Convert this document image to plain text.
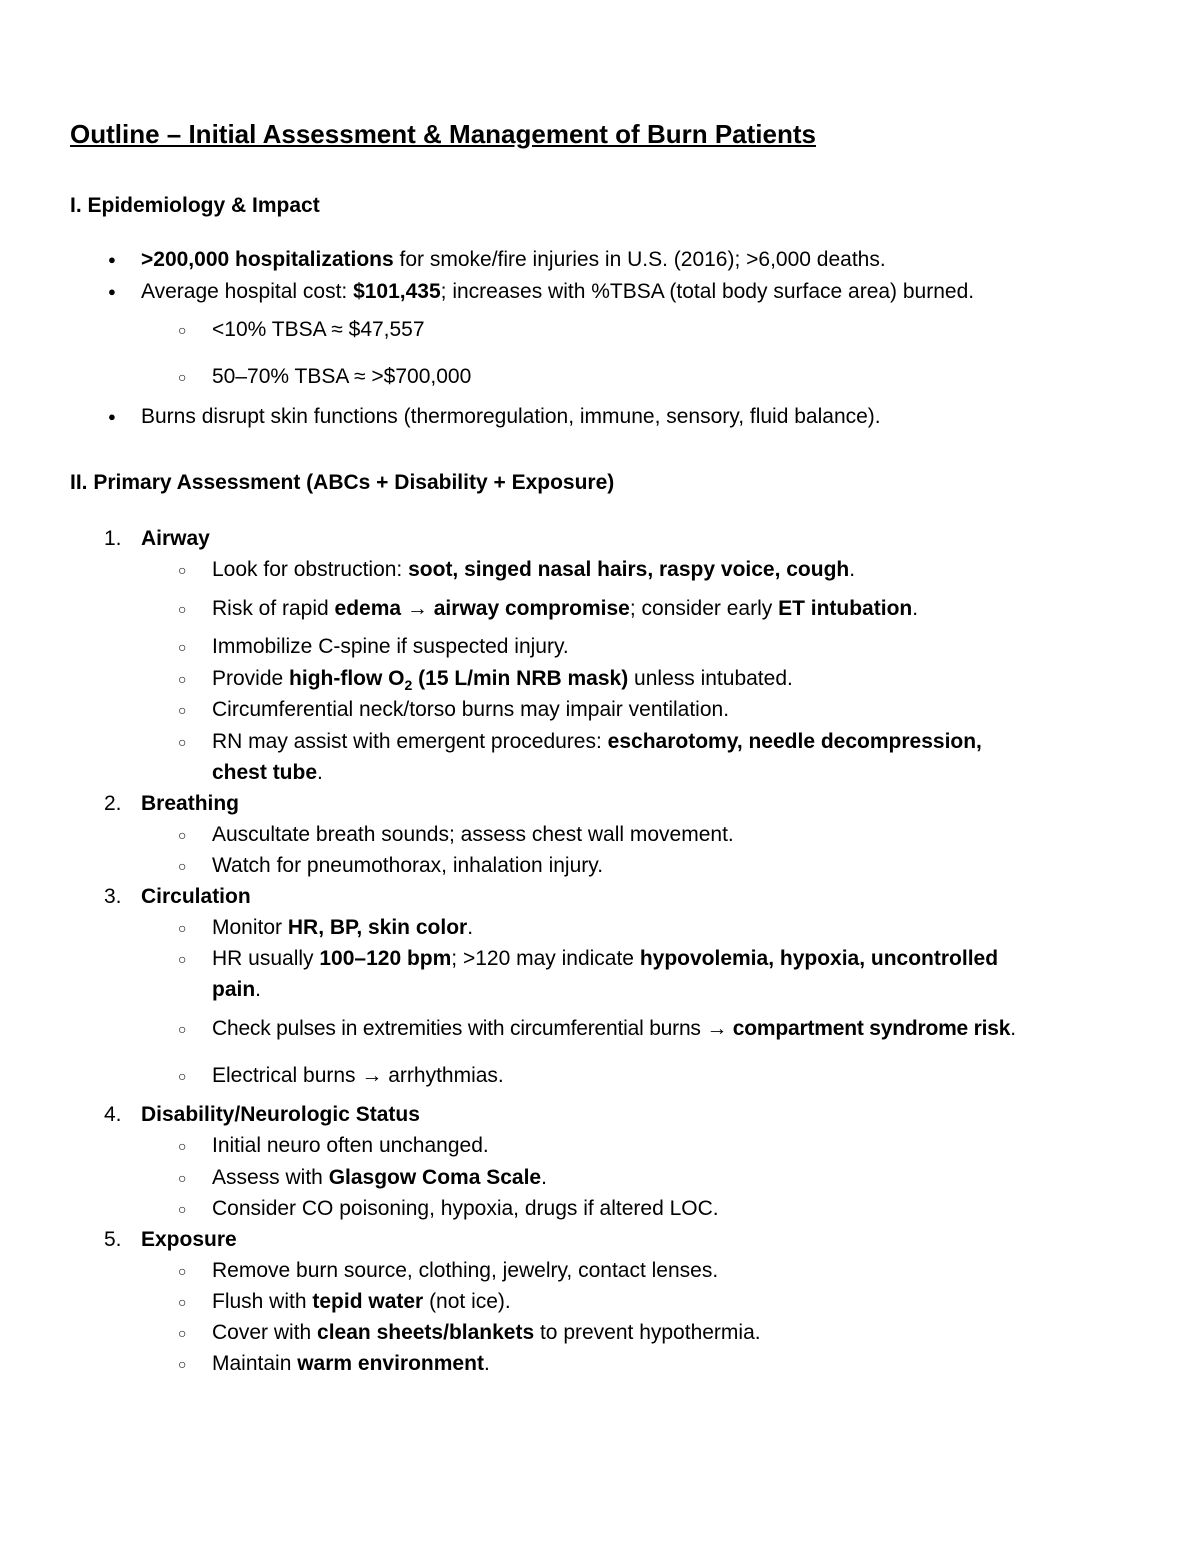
Outline – Initial Assessment & Management of Burn Patients
I. Epidemiology & Impact
● >200,000 hospitalizations for smoke/fire injuries in U.S. (2016); >6,000 deaths.
● Average hospital cost: $101,435; increases with %TBSA (total body surface area) burned.
○ <10% TBSA ≈ $47,557
○ 50–70% TBSA ≈ >$700,000
● Burns disrupt skin functions (thermoregulation, immune, sensory, fluid balance).
II. Primary Assessment (ABCs + Disability + Exposure)
1. Airway
○ Look for obstruction: soot, singed nasal hairs, raspy voice, cough.
○ Risk of rapid edema → airway compromise; consider early ET intubation.
○ Immobilize C-spine if suspected injury.
○ Provide high-flow $O_2$ (15 L/min NRB mask) unless intubated.
○ Circumferential neck/torso burns may impair ventilation.
○ RN may assist with emergent procedures: escharotomy, needle decompression,
chest tube.
2. Breathing
○ Auscultate breath sounds; assess chest wall movement.
○ Watch for pneumothorax, inhalation injury.
3. Circulation
○ Monitor HR, BP, skin color.
○ HR usually 100–120 bpm; >120 may indicate hypovolemia, hypoxia, uncontrolled
pain.
○ Check pulses in extremities with circumferential burns → compartment syndrome risk.
○ Electrical burns → arrhythmias.
4. Disability/Neurologic Status
○ Initial neuro often unchanged.
○ Assess with Glasgow Coma Scale.
○ Consider CO poisoning, hypoxia, drugs if altered LOC.
5. Exposure
○ Remove burn source, clothing, jewelry, contact lenses.
○ Flush with tepid water (not ice).
○ Cover with clean sheets/blankets to prevent hypothermia.
○ Maintain warm environment.
